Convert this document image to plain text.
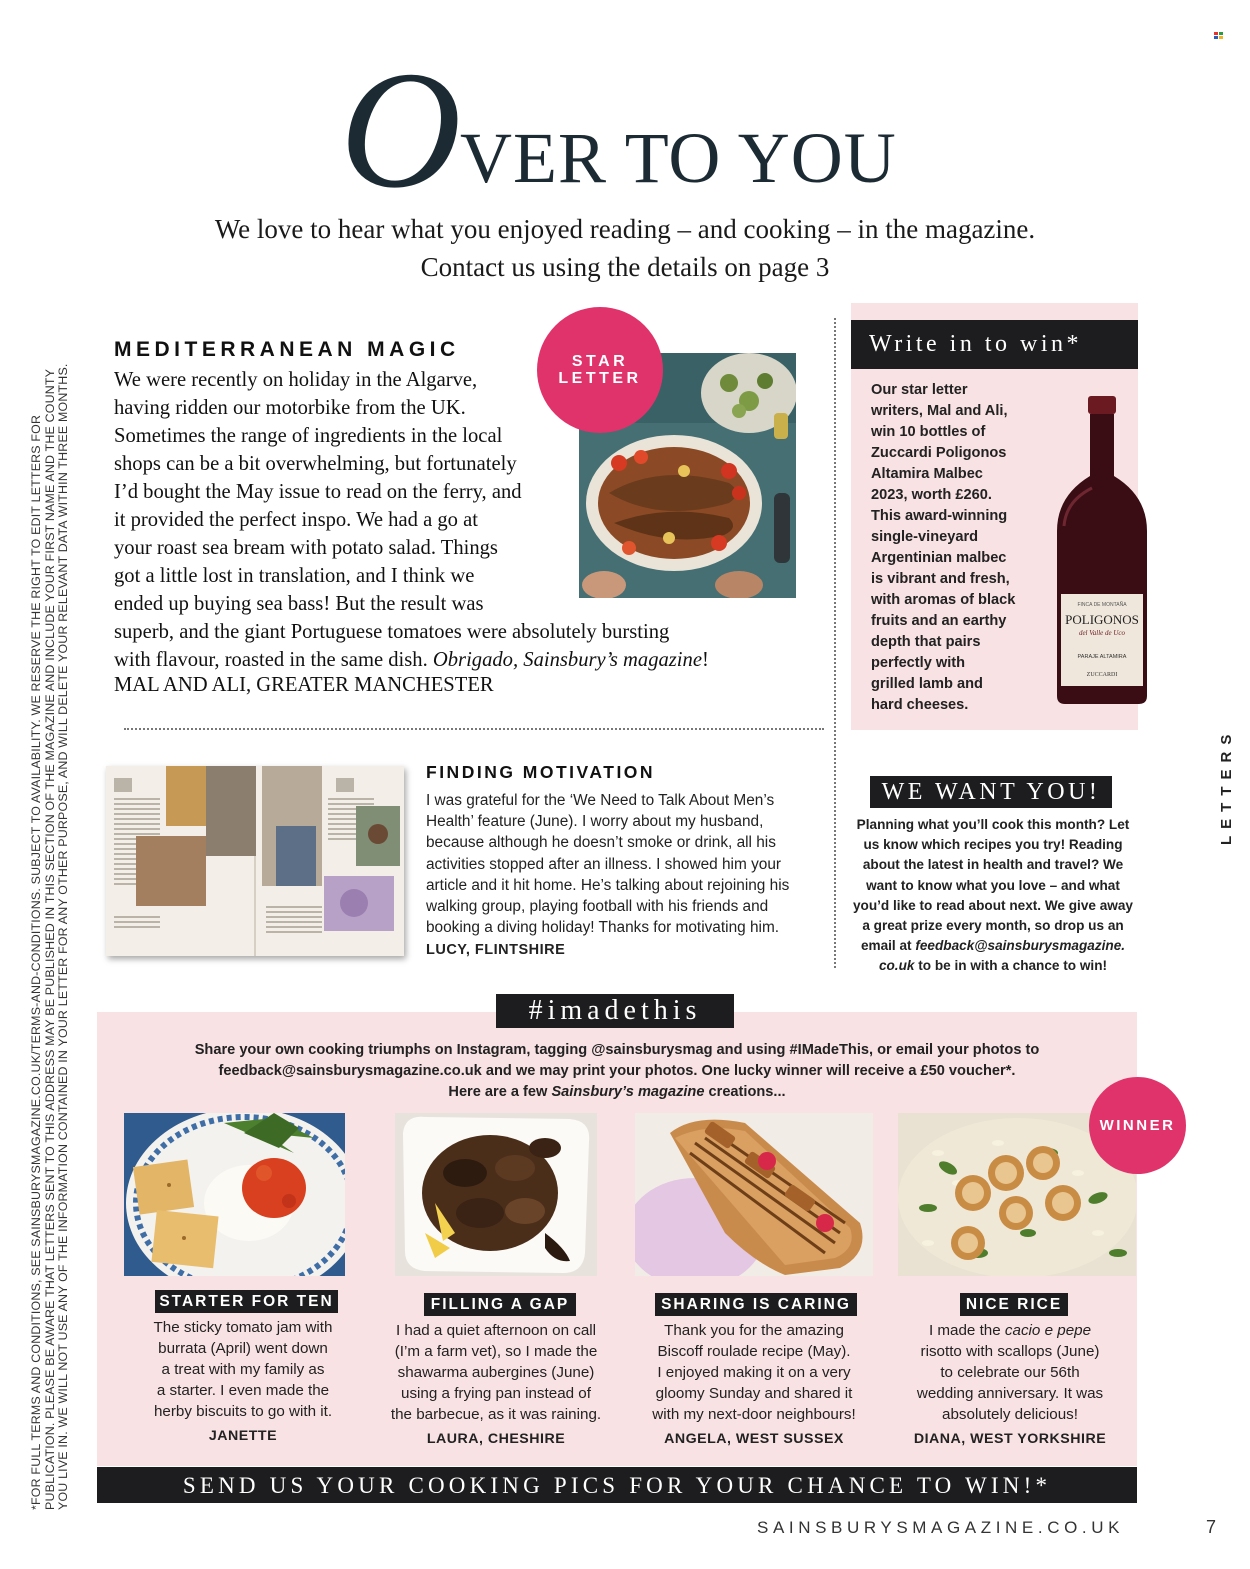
O
VER TO YOU
We love to hear what you enjoyed reading – and cooking – in the magazine.
Contact us using the details on page 3
*FOR FULL TERMS AND CONDITIONS, SEE SAINSBURYSMAGAZINE.CO.UK/TERMS-AND-CONDITIONS. SUBJECT TO AVAILABILITY. WE RESERVE THE RIGHT TO EDIT LETTERS FOR PUBLICATION. PLEASE BE AWARE THAT LETTERS SENT TO THIS ADDRESS MAY BE PUBLISHED IN THIS SECTION OF THE MAGAZINE AND INCLUDE YOUR FIRST NAME AND THE COUNTY YOU LIVE IN. WE WILL NOT USE ANY OF THE INFORMATION CONTAINED IN YOUR LETTER FOR ANY OTHER PURPOSE, AND WILL DELETE YOUR RELEVANT DATA WITHIN THREE MONTHS.	LETTERS
MEDITERRANEAN MAGIC
We were recently on holiday in the Algarve,
having ridden our motorbike from the UK.
Sometimes the range of ingredients in the local
shops can be a bit overwhelming, but fortunately
I’d bought the May issue to read on the ferry, and
it provided the perfect inspo. We had a go at
your roast sea bream with potato salad. Things
got a little lost in translation, and I think we
ended up buying sea bass! But the result was
superb, and the giant Portuguese tomatoes were absolutely bursting
with flavour, roasted in the same dish. Obrigado, Sainsbury’s magazine!
MAL AND ALI, GREATER MANCHESTER
STAR
LETTER
Write in to win*
Our star letter
writers, Mal and Ali,
win 10 bottles of
Zuccardi Poligonos
Altamira Malbec
2023, worth £260.
This award-winning
single-vineyard
Argentinian malbec
is vibrant and fresh,
with aromas of black
fruits and an earthy
depth that pairs
perfectly with
grilled lamb and
hard cheeses.
FINCA DE MONTAÑA
POLIGONOS
del Valle de Uco
PARAJE ALTAMIRA
ZUCCARDI
FINDING MOTIVATION
I was grateful for the ‘We Need to Talk About Men’s
Health’ feature (June). I worry about my husband,
because although he doesn’t smoke or drink, all his
activities stopped after an illness. I showed him your
article and it hit home. He’s talking about rejoining his
walking group, playing football with his friends and
booking a diving holiday! Thanks for motivating him.
LUCY, FLINTSHIRE
WE WANT YOU!
Planning what you’ll cook this month? Let
us know which recipes you try! Reading
about the latest in health and travel? We
want to know what you love – and what
you’d like to read about next. We give away
a great prize every month, so drop us an
email at feedback@sainsburysmagazine.
co.uk to be in with a chance to win!
#imadethis
Share your own cooking triumphs on Instagram, tagging @sainsburysmag and using #IMadeThis, or email your photos to
feedback@sainsburysmagazine.co.uk and we may print your photos. One lucky winner will receive a £50 voucher*.
Here are a few Sainsbury’s magazine creations...
WINNER
STARTER FOR TEN	FILLING A GAP	SHARING IS CARING	NICE RICE
The sticky tomato jam with
burrata (April) went down
a treat with my family as
a starter. I even made the
herby biscuits to go with it.
JANETTE
I had a quiet afternoon on call
(I’m a farm vet), so I made the
shawarma aubergines (June)
using a frying pan instead of
the barbecue, as it was raining.
LAURA, CHESHIRE
Thank you for the amazing
Biscoff roulade recipe (May).
I enjoyed making it on a very
gloomy Sunday and shared it
with my next-door neighbours!
ANGELA, WEST SUSSEX
I made the cacio e pepe
risotto with scallops (June)
to celebrate our 56th
wedding anniversary. It was
absolutely delicious!
DIANA, WEST YORKSHIRE
SEND US YOUR COOKING PICS FOR YOUR CHANCE TO WIN!*
SAINSBURYSMAGAZINE.CO.UK	7
